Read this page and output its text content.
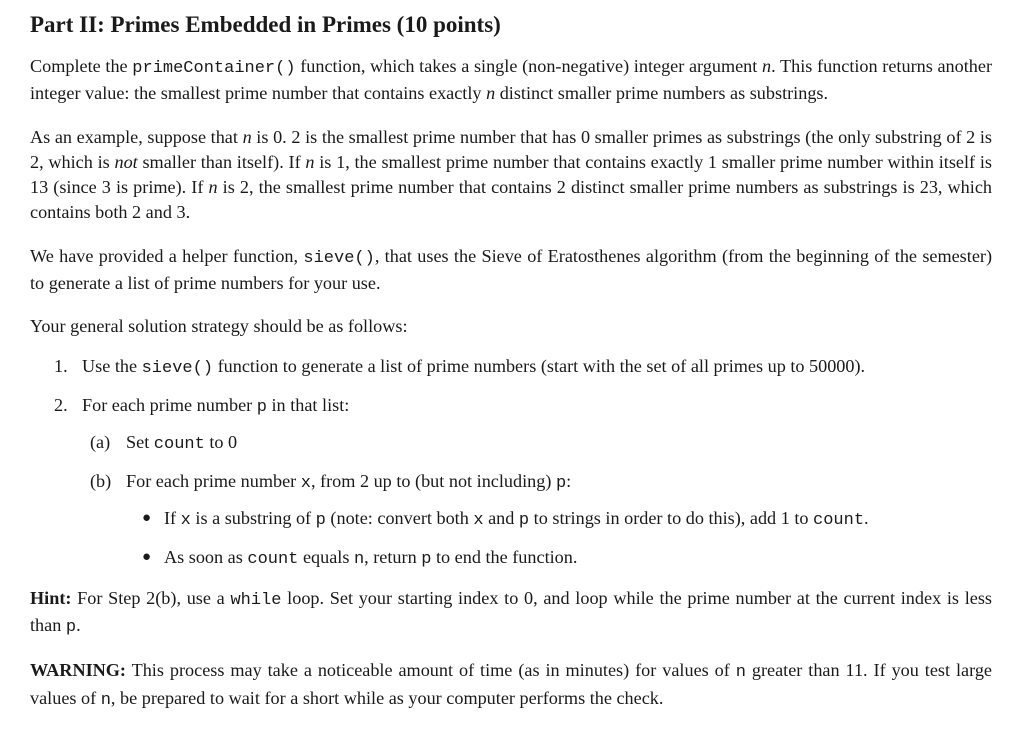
Part II: Primes Embedded in Primes (10 points)

Complete the primeContainer() function, which takes a single (non-negative) integer argument n. This function returns another integer value: the smallest prime number that contains exactly n distinct smaller prime numbers as substrings.

As an example, suppose that n is 0. 2 is the smallest prime number that has 0 smaller primes as substrings (the only substring of 2 is 2, which is not smaller than itself). If n is 1, the smallest prime number that contains exactly 1 smaller prime number within itself is 13 (since 3 is prime). If n is 2, the smallest prime number that contains 2 distinct smaller prime numbers as substrings is 23, which contains both 2 and 3.

We have provided a helper function, sieve(), that uses the Sieve of Eratosthenes algorithm (from the beginning of the semester) to generate a list of prime numbers for your use.

Your general solution strategy should be as follows:

1. Use the sieve() function to generate a list of prime numbers (start with the set of all primes up to 50000).
2. For each prime number p in that list:
(a) Set count to 0
(b) For each prime number x, from 2 up to (but not including) p:
● If x is a substring of p (note: convert both x and p to strings in order to do this), add 1 to count.
● As soon as count equals n, return p to end the function.

Hint: For Step 2(b), use a while loop. Set your starting index to 0, and loop while the prime number at the current index is less than p.

WARNING: This process may take a noticeable amount of time (as in minutes) for values of n greater than 11. If you test large values of n, be prepared to wait for a short while as your computer performs the check.
